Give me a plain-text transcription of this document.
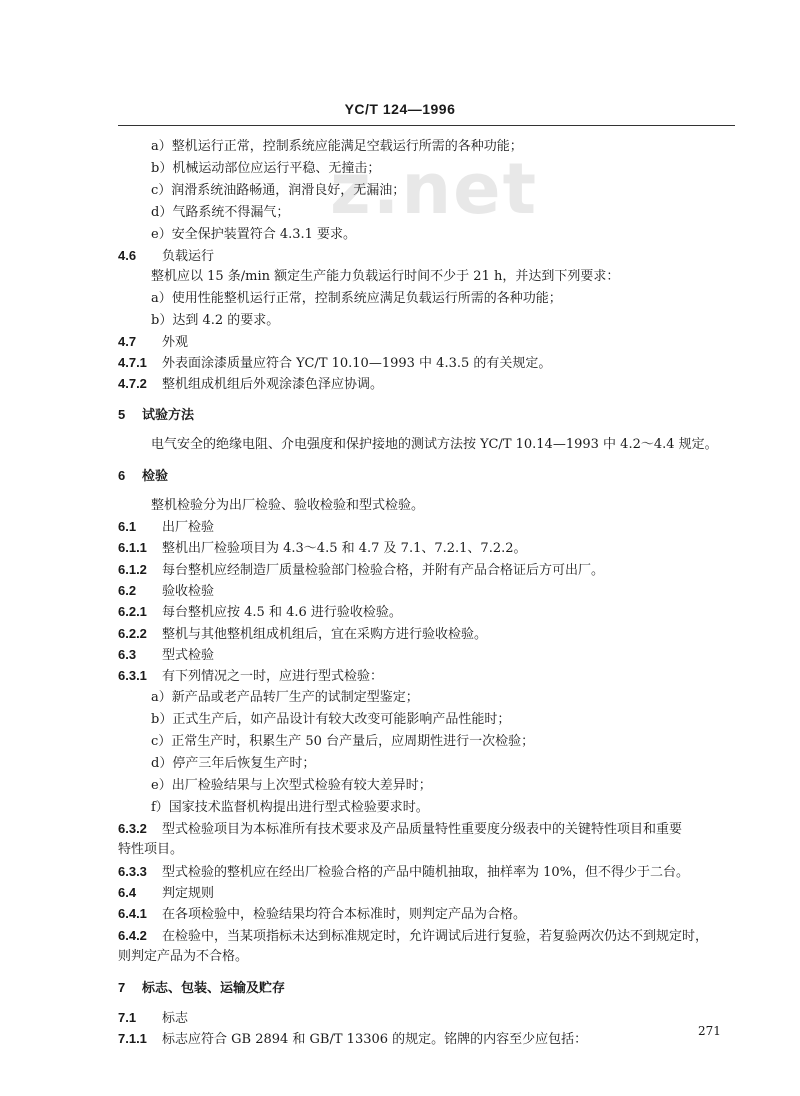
z.net
YC/T 124—1996
a）整机运行正常，控制系统应能满足空载运行所需的各种功能；
b）机械运动部位应运行平稳、无撞击；
c）润滑系统油路畅通，润滑良好，无漏油；
d）气路系统不得漏气；
e）安全保护装置符合 4.3.1 要求。
4.6 负载运行
整机应以 15 条/min 额定生产能力负载运行时间不少于 21 h，并达到下列要求：
a）使用性能整机运行正常，控制系统应满足负载运行所需的各种功能；
b）达到 4.2 的要求。
4.7 外观
4.7.1 外表面涂漆质量应符合 YC/T 10.10—1993 中 4.3.5 的有关规定。
4.7.2 整机组成机组后外观涂漆色泽应协调。
5 试验方法
电气安全的绝缘电阻、介电强度和保护接地的测试方法按 YC/T 10.14—1993 中 4.2～4.4 规定。
6 检验
整机检验分为出厂检验、验收检验和型式检验。
6.1 出厂检验
6.1.1 整机出厂检验项目为 4.3～4.5 和 4.7 及 7.1、7.2.1、7.2.2。
6.1.2 每台整机应经制造厂质量检验部门检验合格，并附有产品合格证后方可出厂。
6.2 验收检验
6.2.1 每台整机应按 4.5 和 4.6 进行验收检验。
6.2.2 整机与其他整机组成机组后，宜在采购方进行验收检验。
6.3 型式检验
6.3.1 有下列情况之一时，应进行型式检验：
a）新产品或老产品转厂生产的试制定型鉴定；
b）正式生产后，如产品设计有较大改变可能影响产品性能时；
c）正常生产时，积累生产 50 台产量后，应周期性进行一次检验；
d）停产三年后恢复生产时；
e）出厂检验结果与上次型式检验有较大差异时；
f）国家技术监督机构提出进行型式检验要求时。
6.3.2 型式检验项目为本标准所有技术要求及产品质量特性重要度分级表中的关键特性项目和重要
特性项目。
6.3.3 型式检验的整机应在经出厂检验合格的产品中随机抽取，抽样率为 10%，但不得少于二台。
6.4 判定规则
6.4.1 在各项检验中，检验结果均符合本标准时，则判定产品为合格。
6.4.2 在检验中，当某项指标未达到标准规定时，允许调试后进行复验，若复验两次仍达不到规定时，
则判定产品为不合格。
7 标志、包装、运输及贮存
7.1 标志
7.1.1 标志应符合 GB 2894 和 GB/T 13306 的规定。铭牌的内容至少应包括：
271
